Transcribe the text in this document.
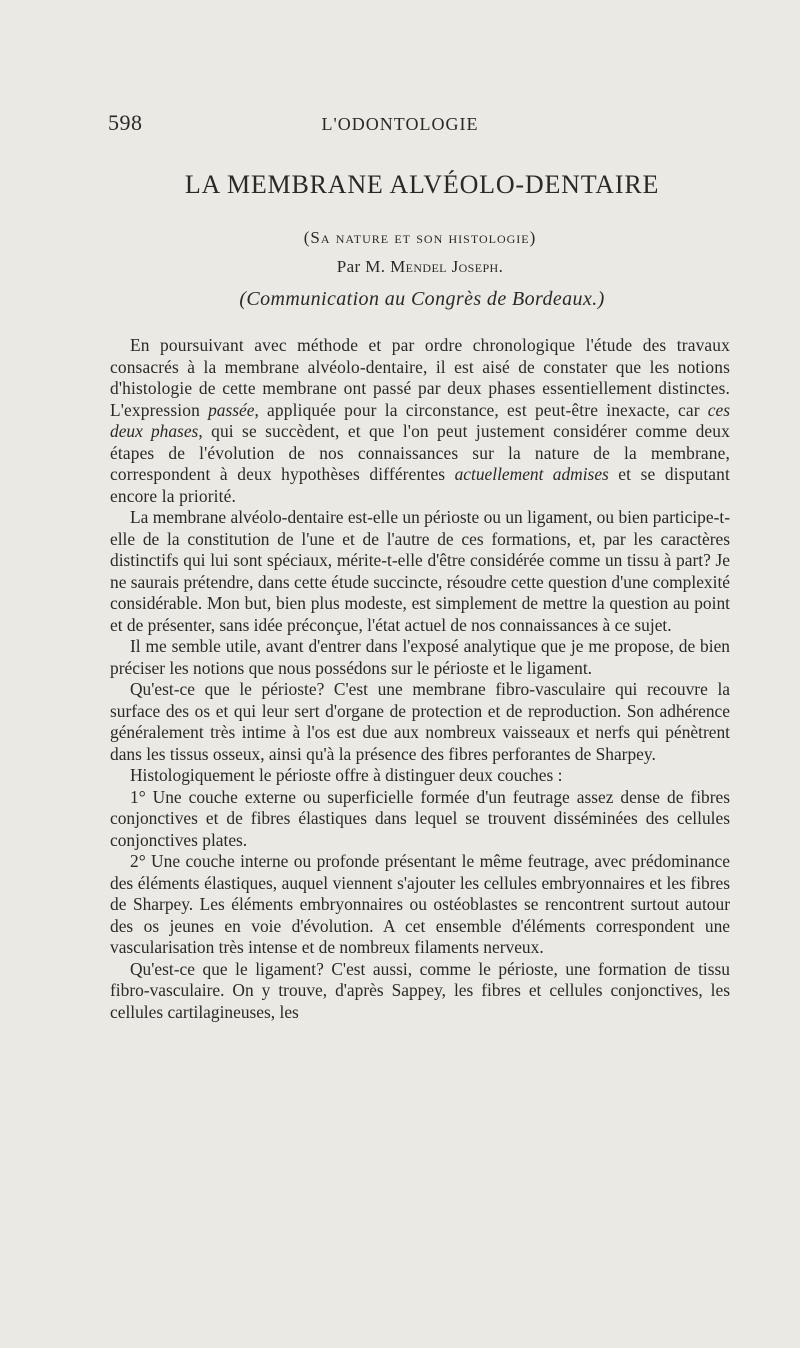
598	L'ODONTOLOGIE
LA MEMBRANE ALVÉOLO-DENTAIRE
(Sa nature et son histologie)
Par M. Mendel Joseph.
(Communication au Congrès de Bordeaux.)

En poursuivant avec méthode et par ordre chronologique l'étude des travaux consacrés à la membrane alvéolo-dentaire, il est aisé de constater que les notions d'histologie de cette membrane ont passé par deux phases essentiellement distinctes. L'expression passée, appliquée pour la circonstance, est peut-être inexacte, car ces deux phases, qui se succèdent, et que l'on peut justement considérer comme deux étapes de l'évolution de nos connaissances sur la nature de la membrane, correspondent à deux hypothèses différentes actuellement admises et se disputant encore la priorité.

La membrane alvéolo-dentaire est-elle un périoste ou un ligament, ou bien participe-t-elle de la constitution de l'une et de l'autre de ces formations, et, par les caractères distinctifs qui lui sont spéciaux, mérite-t-elle d'être considérée comme un tissu à part? Je ne saurais prétendre, dans cette étude succincte, résoudre cette question d'une complexité considérable. Mon but, bien plus modeste, est simplement de mettre la question au point et de présenter, sans idée préconçue, l'état actuel de nos connaissances à ce sujet.

Il me semble utile, avant d'entrer dans l'exposé analytique que je me propose, de bien préciser les notions que nous possédons sur le périoste et le ligament.

Qu'est-ce que le périoste? C'est une membrane fibro-vasculaire qui recouvre la surface des os et qui leur sert d'organe de protection et de reproduction. Son adhérence généralement très intime à l'os est due aux nombreux vaisseaux et nerfs qui pénètrent dans les tissus osseux, ainsi qu'à la présence des fibres perforantes de Sharpey.

Histologiquement le périoste offre à distinguer deux couches :

1° Une couche externe ou superficielle formée d'un feutrage assez dense de fibres conjonctives et de fibres élastiques dans lequel se trouvent disséminées des cellules conjonctives plates.

2° Une couche interne ou profonde présentant le même feutrage, avec prédominance des éléments élastiques, auquel viennent s'ajouter les cellules embryonnaires et les fibres de Sharpey. Les éléments embryonnaires ou ostéoblastes se rencontrent surtout autour des os jeunes en voie d'évolution. A cet ensemble d'éléments correspondent une vascularisation très intense et de nombreux filaments nerveux.

Qu'est-ce que le ligament? C'est aussi, comme le périoste, une formation de tissu fibro-vasculaire. On y trouve, d'après Sappey, les fibres et cellules conjonctives, les cellules cartilagineuses, les
